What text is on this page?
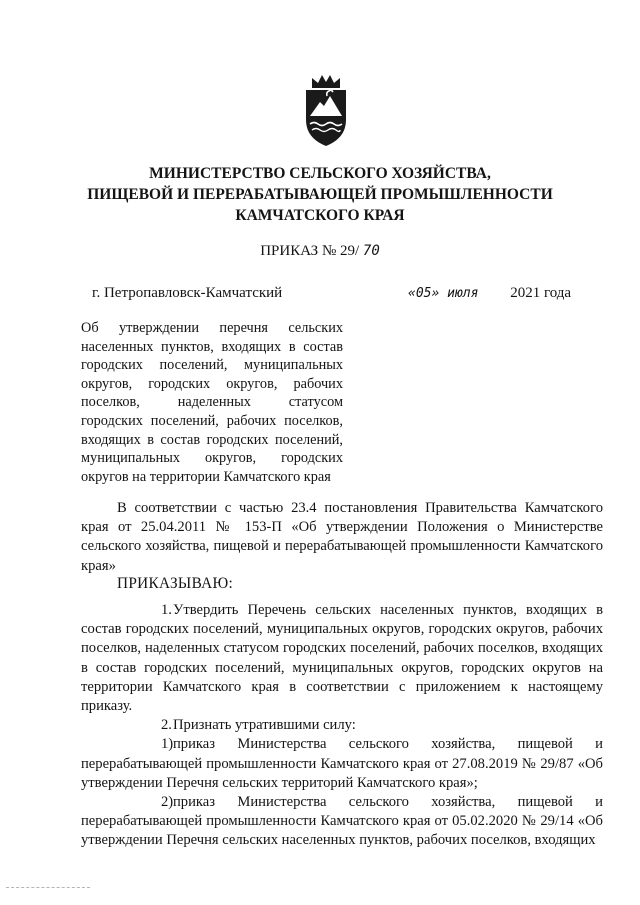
МИНИСТЕРСТВО СЕЛЬСКОГО ХОЗЯЙСТВА,
ПИЩЕВОЙ И ПЕРЕРАБАТЫВАЮЩЕЙ ПРОМЫШЛЕННОСТИ
КАМЧАТСКОГО КРАЯ
ПРИКАЗ № 29/ 70
г. Петропавловск-Камчатский	«05» июля 2021 года

Об утверждении перечня сельских

населенных пунктов, входящих в состав

городских поселений, муниципальных

округов, городских округов, рабочих

поселков, наделенных статусом

городских поселений, рабочих поселков,

входящих в состав городских поселений,

муниципальных округов, городских

округов на территории Камчатского края

В соответствии с частью 23.4 постановления Правительства Камчатского края от 25.04.2011 № 153-П «Об утверждении Положения о Министерстве сельского хозяйства, пищевой и перерабатывающей промышленности Камчатского края»

ПРИКАЗЫВАЮ:

1.Утвердить Перечень сельских населенных пунктов, входящих в состав городских поселений, муниципальных округов, городских округов, рабочих поселков, наделенных статусом городских поселений, рабочих поселков, входящих в состав городских поселений, муниципальных округов, городских округов на территории Камчатского края в соответствии с приложением к настоящему приказу.

2.Признать утратившими силу:

1)приказ Министерства сельского хозяйства, пищевой и перерабатывающей промышленности Камчатского края от 27.08.2019 № 29/87 «Об утверждении Перечня сельских территорий Камчатского края»;

2)приказ Министерства сельского хозяйства, пищевой и перерабатывающей промышленности Камчатского края от 05.02.2020 № 29/14 «Об утверждении Перечня сельских населенных пунктов, рабочих поселков, входящих
